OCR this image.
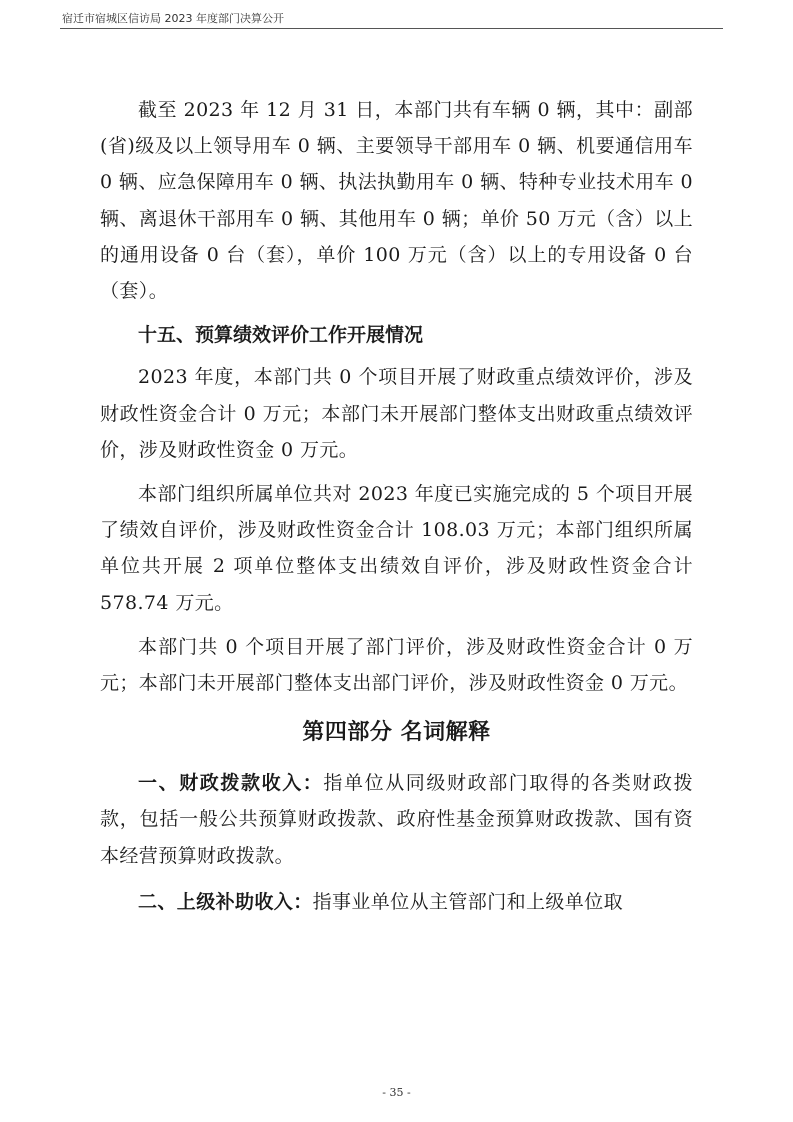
宿迁市宿城区信访局 2023 年度部门决算公开

截至 2023 年 12 月 31 日，本部门共有车辆 0 辆，其中：副部(省)级及以上领导用车 0 辆、主要领导干部用车 0 辆、机要通信用车 0 辆、应急保障用车 0 辆、执法执勤用车 0 辆、特种专业技术用车 0 辆、离退休干部用车 0 辆、其他用车 0 辆；单价 50 万元（含）以上的通用设备 0 台（套），单价 100 万元（含）以上的专用设备 0 台（套）。

十五、预算绩效评价工作开展情况

2023 年度，本部门共 0 个项目开展了财政重点绩效评价，涉及财政性资金合计 0 万元；本部门未开展部门整体支出财政重点绩效评价，涉及财政性资金 0 万元。

本部门组织所属单位共对 2023 年度已实施完成的 5 个项目开展了绩效自评价，涉及财政性资金合计 108.03 万元；本部门组织所属单位共开展 2 项单位整体支出绩效自评价，涉及财政性资金合计 578.74 万元。

本部门共 0 个项目开展了部门评价，涉及财政性资金合计 0 万元；本部门未开展部门整体支出部门评价，涉及财政性资金 0 万元。

第四部分 名词解释

一、财政拨款收入：指单位从同级财政部门取得的各类财政拨款，包括一般公共预算财政拨款、政府性基金预算财政拨款、国有资本经营预算财政拨款。

二、上级补助收入：指事业单位从主管部门和上级单位取

- 35 -
